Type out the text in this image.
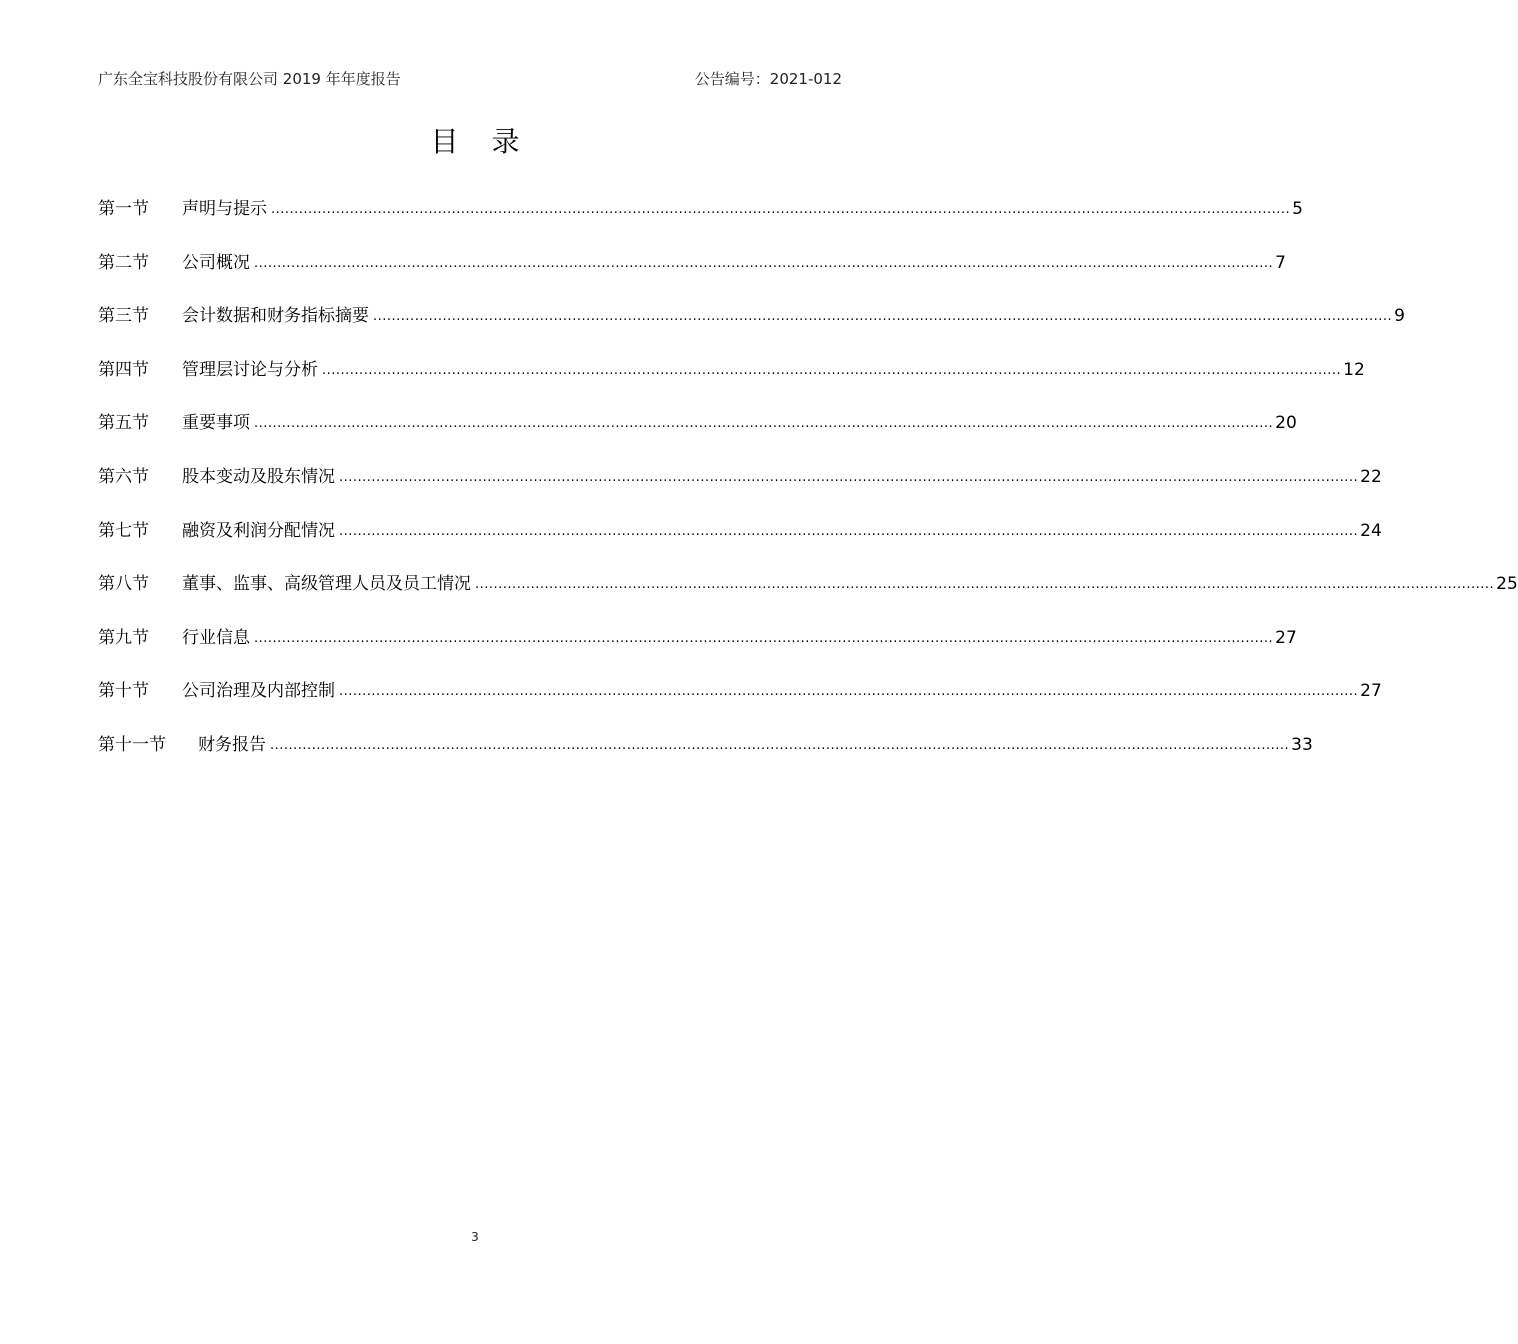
广东全宝科技股份有限公司 2019 年年度报告	公告编号：2021-012
目 录
第一节	声明与提示 ............................................................................................................................................................................................................................ 5
第二节	公司概况 ............................................................................................................................................................................................................................ 7
第三节	会计数据和财务指标摘要 ............................................................................................................................................................................................................................ 9
第四节	管理层讨论与分析 ............................................................................................................................................................................................................................ 12
第五节	重要事项 ............................................................................................................................................................................................................................ 20
第六节	股本变动及股东情况 ............................................................................................................................................................................................................................ 22
第七节	融资及利润分配情况 ............................................................................................................................................................................................................................ 24
第八节	董事、监事、高级管理人员及员工情况 ............................................................................................................................................................................................................................ 25
第九节	行业信息 ............................................................................................................................................................................................................................ 27
第十节	公司治理及内部控制 ............................................................................................................................................................................................................................ 27
第十一节	财务报告 ............................................................................................................................................................................................................................ 33
3
